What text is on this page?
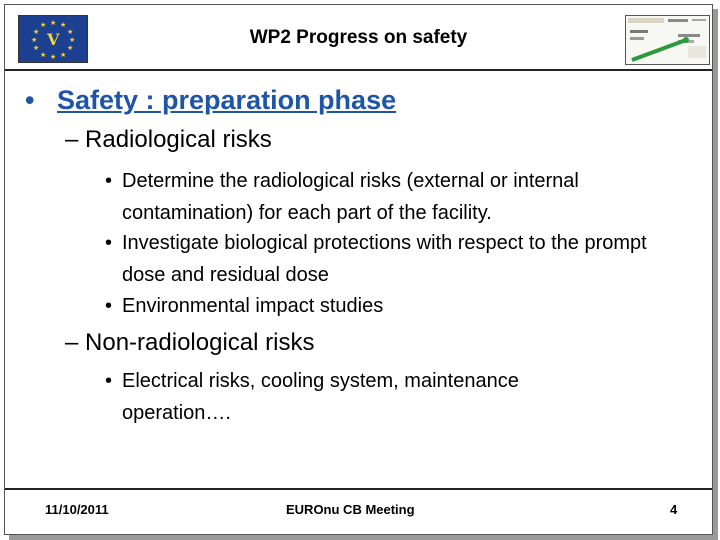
★ ★
★
★
★
★
★
★
★
★
★
★
V	WP2 Progress on safety
• Safety : preparation phase
– Radiological risks
• Determine the radiological risks (external or internal contamination) for each part of the facility.
• Investigate biological protections with respect to the prompt dose and residual dose
• Environmental impact studies
– Non-radiological risks
• Electrical risks, cooling system, maintenance operation….
11/10/2011	EUROnu CB Meeting	4
